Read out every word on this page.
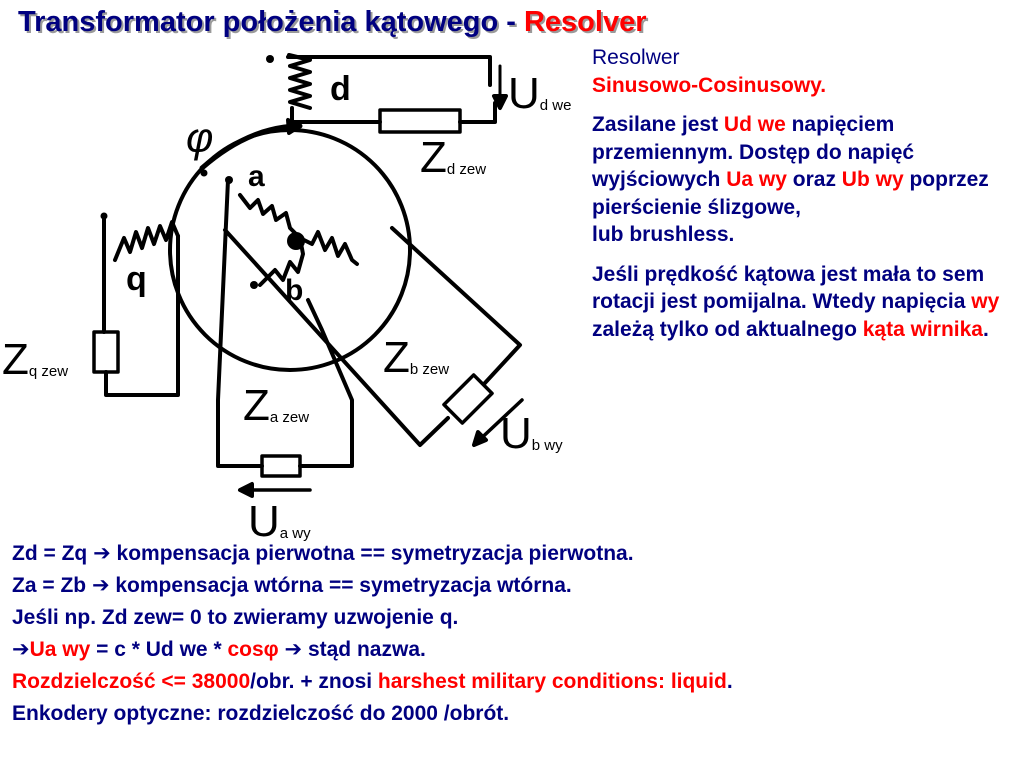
Transformator położenia kątowego - Resolver
d
φ
a
b
q
Ud we
Zd zew
Zq zew
Za zew
Zb zew
Ub wy
Ua wy

Resolwer
Sinusowo-Cosinusowy.

Zasilane jest Ud we napięciem przemiennym. Dostęp do napięć wyjściowych Ua wy oraz Ub wy poprzez pierścienie ślizgowe,
lub brushless.

Jeśli prędkość kątowa jest mała to sem rotacji jest pomijalna. Wtedy napięcia wy zależą tylko od aktualnego kąta wirnika.

Zd = Zq ➔ kompensacja pierwotna == symetryzacja pierwotna.
Za = Zb ➔ kompensacja wtórna == symetryzacja wtórna.
Jeśli np. Zd zew= 0 to zwieramy uzwojenie q.
➔Ua wy = c * Ud we * cosφ ➔ stąd nazwa.
Rozdzielczość <= 38000/obr. + znosi harshest military conditions: liquid.
Enkodery optyczne: rozdzielczość do 2000 /obrót.
